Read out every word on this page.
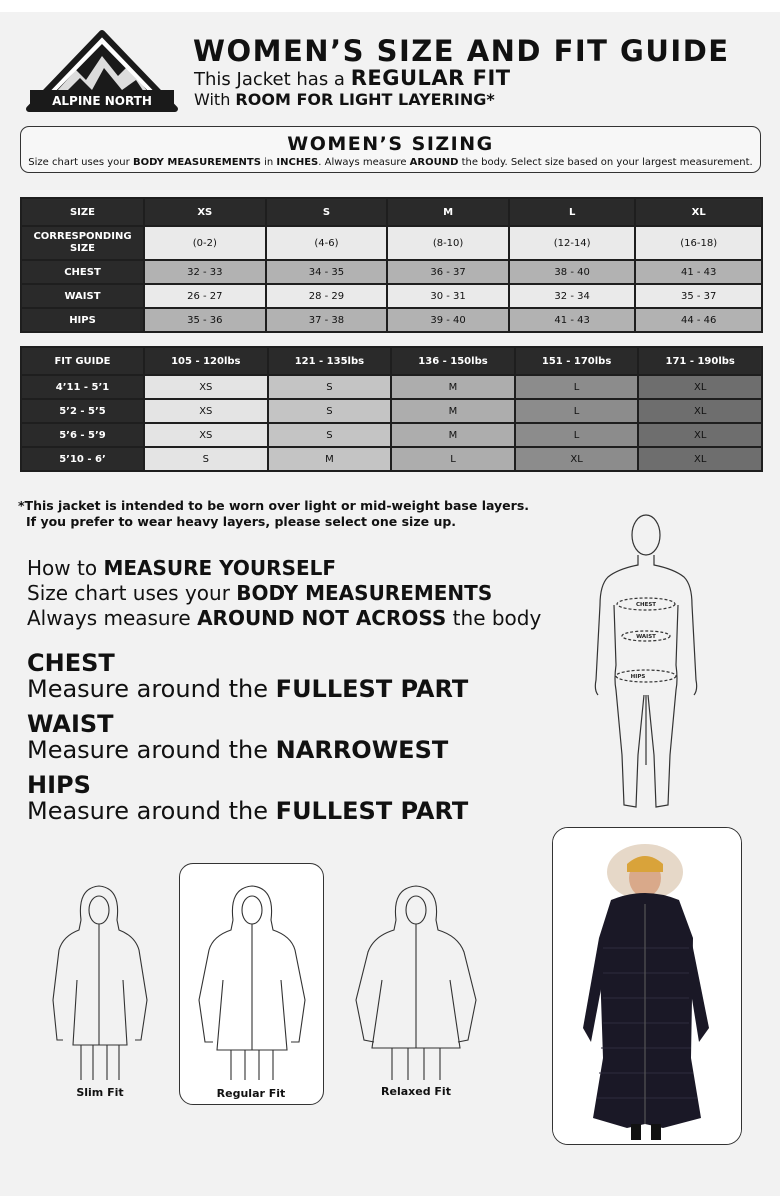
ALPINE NORTH
WOMEN’S SIZE AND FIT GUIDE
This Jacket has a REGULAR FIT
With ROOM FOR LIGHT LAYERING*
WOMEN’S SIZING
Size chart uses your BODY MEASUREMENTS in INCHES. Always measure AROUND the body. Select size based on your largest measurement.
SIZE	XS	S	M	L	XL
CORRESPONDING SIZE	(0-2)	(4-6)	(8-10)	(12-14)	(16-18)
CHEST	32 - 33	34 - 35	36 - 37	38 - 40	41 - 43
WAIST	26 - 27	28 - 29	30 - 31	32 - 34	35 - 37
HIPS	35 - 36	37 - 38	39 - 40	41 - 43	44 - 46
FIT GUIDE	105 - 120lbs	121 - 135lbs	136 - 150lbs	151 - 170lbs	171 - 190lbs
4’11 - 5’1	XS	S	M	L	XL
5’2 - 5’5	XS	S	M	L	XL
5’6 - 5’9	XS	S	M	L	XL
5’10 - 6’	S	M	L	XL	XL
*This jacket is intended to be worn over light or mid-weight base layers.
If you prefer to wear heavy layers, please select one size up.
How to MEASURE YOURSELF
Size chart uses your BODY MEASUREMENTS
Always measure AROUND NOT ACROSS the body
CHEST
Measure around the FULLEST PART
WAIST
Measure around the NARROWEST
HIPS
Measure around the FULLEST PART
CHEST
WAIST
HIPS
Slim Fit	Regular Fit	Relaxed Fit
